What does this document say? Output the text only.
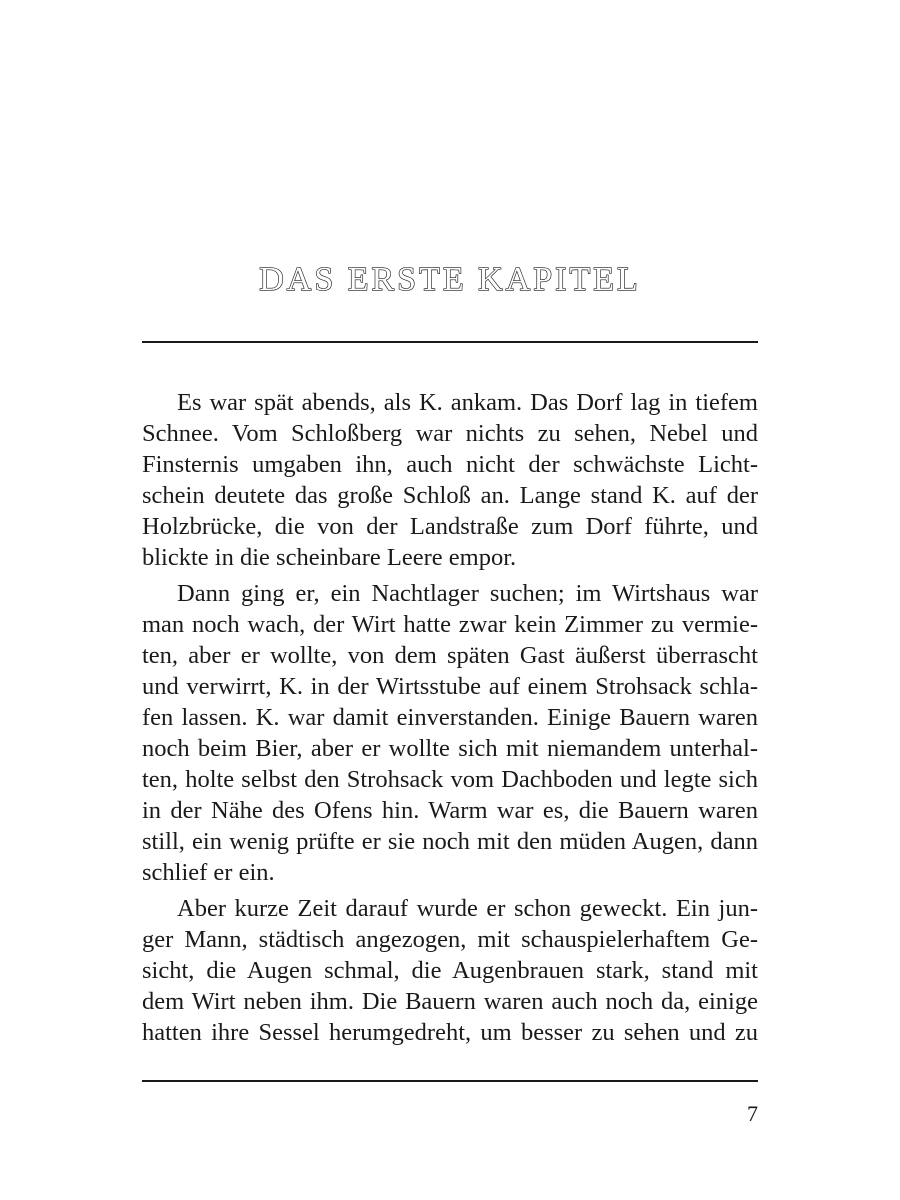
DAS ERSTE KAPITEL
Es war spät abends, als K. ankam. Das Dorf lag in tiefem
Schnee. Vom Schloßberg war nichts zu sehen, Nebel und
Finsternis umgaben ihn, auch nicht der schwächste Licht-
schein deutete das große Schloß an. Lange stand K. auf der
Holzbrücke, die von der Landstraße zum Dorf führte, und
blickte in die scheinbare Leere empor.
Dann ging er, ein Nachtlager suchen; im Wirtshaus war
man noch wach, der Wirt hatte zwar kein Zimmer zu vermie-
ten, aber er wollte, von dem späten Gast äußerst überrascht
und verwirrt, K. in der Wirtsstube auf einem Strohsack schla-
fen lassen. K. war damit einverstanden. Einige Bauern waren
noch beim Bier, aber er wollte sich mit niemandem unterhal-
ten, holte selbst den Strohsack vom Dachboden und legte sich
in der Nähe des Ofens hin. Warm war es, die Bauern waren
still, ein wenig prüfte er sie noch mit den müden Augen, dann
schlief er ein.
Aber kurze Zeit darauf wurde er schon geweckt. Ein jun-
ger Mann, städtisch angezogen, mit schauspielerhaftem Ge-
sicht, die Augen schmal, die Augenbrauen stark, stand mit
dem Wirt neben ihm. Die Bauern waren auch noch da, einige
hatten ihre Sessel herumgedreht, um besser zu sehen und zu
7
